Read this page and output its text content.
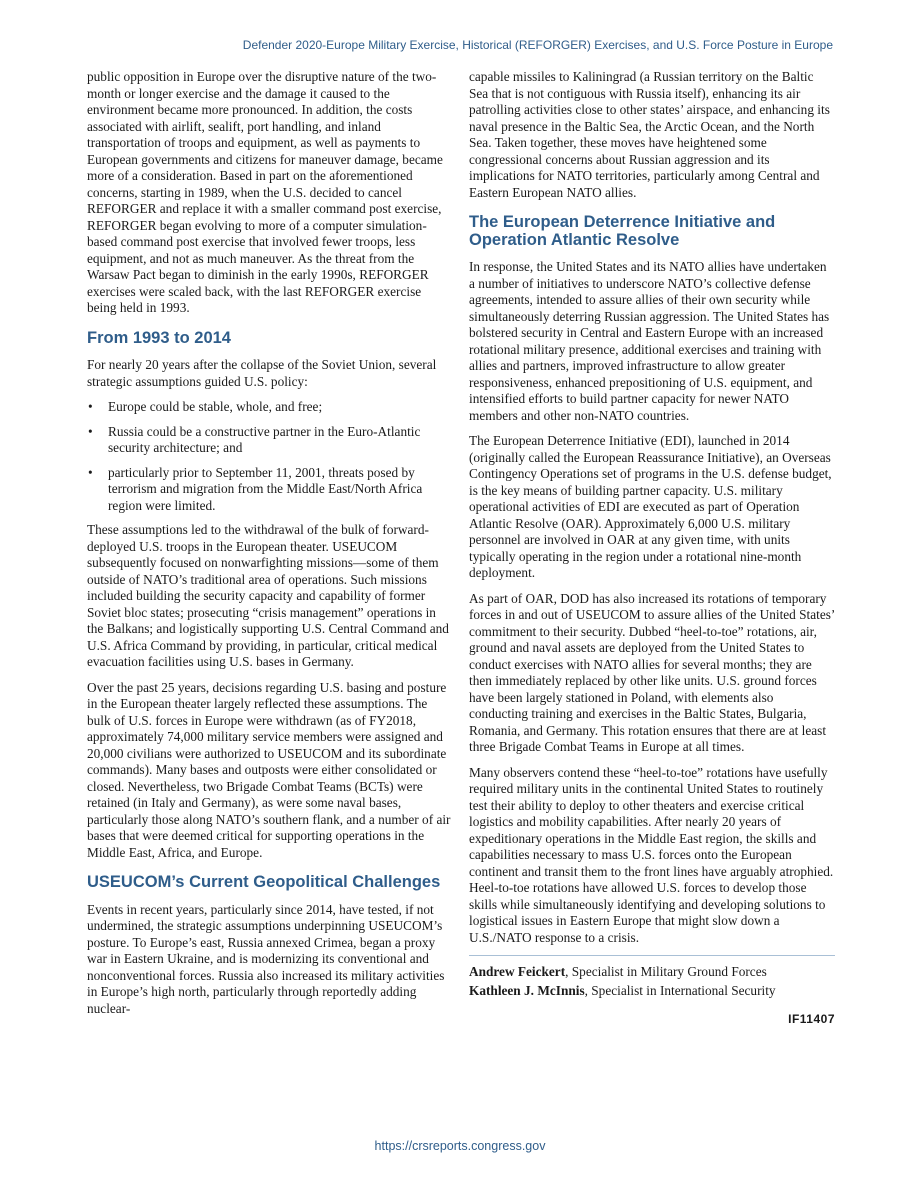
Defender 2020-Europe Military Exercise, Historical (REFORGER) Exercises, and U.S. Force Posture in Europe

public opposition in Europe over the disruptive nature of the two-month or longer exercise and the damage it caused to the environment became more pronounced. In addition, the costs associated with airlift, sealift, port handling, and inland transportation of troops and equipment, as well as payments to European governments and citizens for maneuver damage, became more of a consideration. Based in part on the aforementioned concerns, starting in 1989, when the U.S. decided to cancel REFORGER and replace it with a smaller command post exercise, REFORGER began evolving to more of a computer simulation-based command post exercise that involved fewer troops, less equipment, and not as much maneuver. As the threat from the Warsaw Pact began to diminish in the early 1990s, REFORGER exercises were scaled back, with the last REFORGER exercise being held in 1993.

From 1993 to 2014

For nearly 20 years after the collapse of the Soviet Union, several strategic assumptions guided U.S. policy:

• Europe could be stable, whole, and free;
• Russia could be a constructive partner in the Euro-Atlantic security architecture; and
• particularly prior to September 11, 2001, threats posed by terrorism and migration from the Middle East/North Africa region were limited.

These assumptions led to the withdrawal of the bulk of forward-deployed U.S. troops in the European theater. USEUCOM subsequently focused on nonwarfighting missions—some of them outside of NATO’s traditional area of operations. Such missions included building the security capacity and capability of former Soviet bloc states; prosecuting “crisis management” operations in the Balkans; and logistically supporting U.S. Central Command and U.S. Africa Command by providing, in particular, critical medical evacuation facilities using U.S. bases in Germany.

Over the past 25 years, decisions regarding U.S. basing and posture in the European theater largely reflected these assumptions. The bulk of U.S. forces in Europe were withdrawn (as of FY2018, approximately 74,000 military service members were assigned and 20,000 civilians were authorized to USEUCOM and its subordinate commands). Many bases and outposts were either consolidated or closed. Nevertheless, two Brigade Combat Teams (BCTs) were retained (in Italy and Germany), as were some naval bases, particularly those along NATO’s southern flank, and a number of air bases that were deemed critical for supporting operations in the Middle East, Africa, and Europe.

USEUCOM’s Current Geopolitical Challenges

Events in recent years, particularly since 2014, have tested, if not undermined, the strategic assumptions underpinning USEUCOM’s posture. To Europe’s east, Russia annexed Crimea, began a proxy war in Eastern Ukraine, and is modernizing its conventional and nonconventional forces. Russia also increased its military activities in Europe’s high north, particularly through reportedly adding nuclear-

capable missiles to Kaliningrad (a Russian territory on the Baltic Sea that is not contiguous with Russia itself), enhancing its air patrolling activities close to other states’ airspace, and enhancing its naval presence in the Baltic Sea, the Arctic Ocean, and the North Sea. Taken together, these moves have heightened some congressional concerns about Russian aggression and its implications for NATO territories, particularly among Central and Eastern European NATO allies.

The European Deterrence Initiative and Operation Atlantic Resolve

In response, the United States and its NATO allies have undertaken a number of initiatives to underscore NATO’s collective defense agreements, intended to assure allies of their own security while simultaneously deterring Russian aggression. The United States has bolstered security in Central and Eastern Europe with an increased rotational military presence, additional exercises and training with allies and partners, improved infrastructure to allow greater responsiveness, enhanced prepositioning of U.S. equipment, and intensified efforts to build partner capacity for newer NATO members and other non-NATO countries.

The European Deterrence Initiative (EDI), launched in 2014 (originally called the European Reassurance Initiative), an Overseas Contingency Operations set of programs in the U.S. defense budget, is the key means of building partner capacity. U.S. military operational activities of EDI are executed as part of Operation Atlantic Resolve (OAR). Approximately 6,000 U.S. military personnel are involved in OAR at any given time, with units typically operating in the region under a rotational nine-month deployment.

As part of OAR, DOD has also increased its rotations of temporary forces in and out of USEUCOM to assure allies of the United States’ commitment to their security. Dubbed “heel-to-toe” rotations, air, ground and naval assets are deployed from the United States to conduct exercises with NATO allies for several months; they are then immediately replaced by other like units. U.S. ground forces have been largely stationed in Poland, with elements also conducting training and exercises in the Baltic States, Bulgaria, Romania, and Germany. This rotation ensures that there are at least three Brigade Combat Teams in Europe at all times.

Many observers contend these “heel-to-toe” rotations have usefully required military units in the continental United States to routinely test their ability to deploy to other theaters and exercise critical logistics and mobility capabilities. After nearly 20 years of expeditionary operations in the Middle East region, the skills and capabilities necessary to mass U.S. forces onto the European continent and transit them to the front lines have arguably atrophied. Heel-to-toe rotations have allowed U.S. forces to develop those skills while simultaneously identifying and developing solutions to logistical issues in Eastern Europe that might slow down a U.S./NATO response to a crisis.

Andrew Feickert, Specialist in Military Ground Forces
Kathleen J. McInnis, Specialist in International Security
IF11407
https://crsreports.congress.gov
